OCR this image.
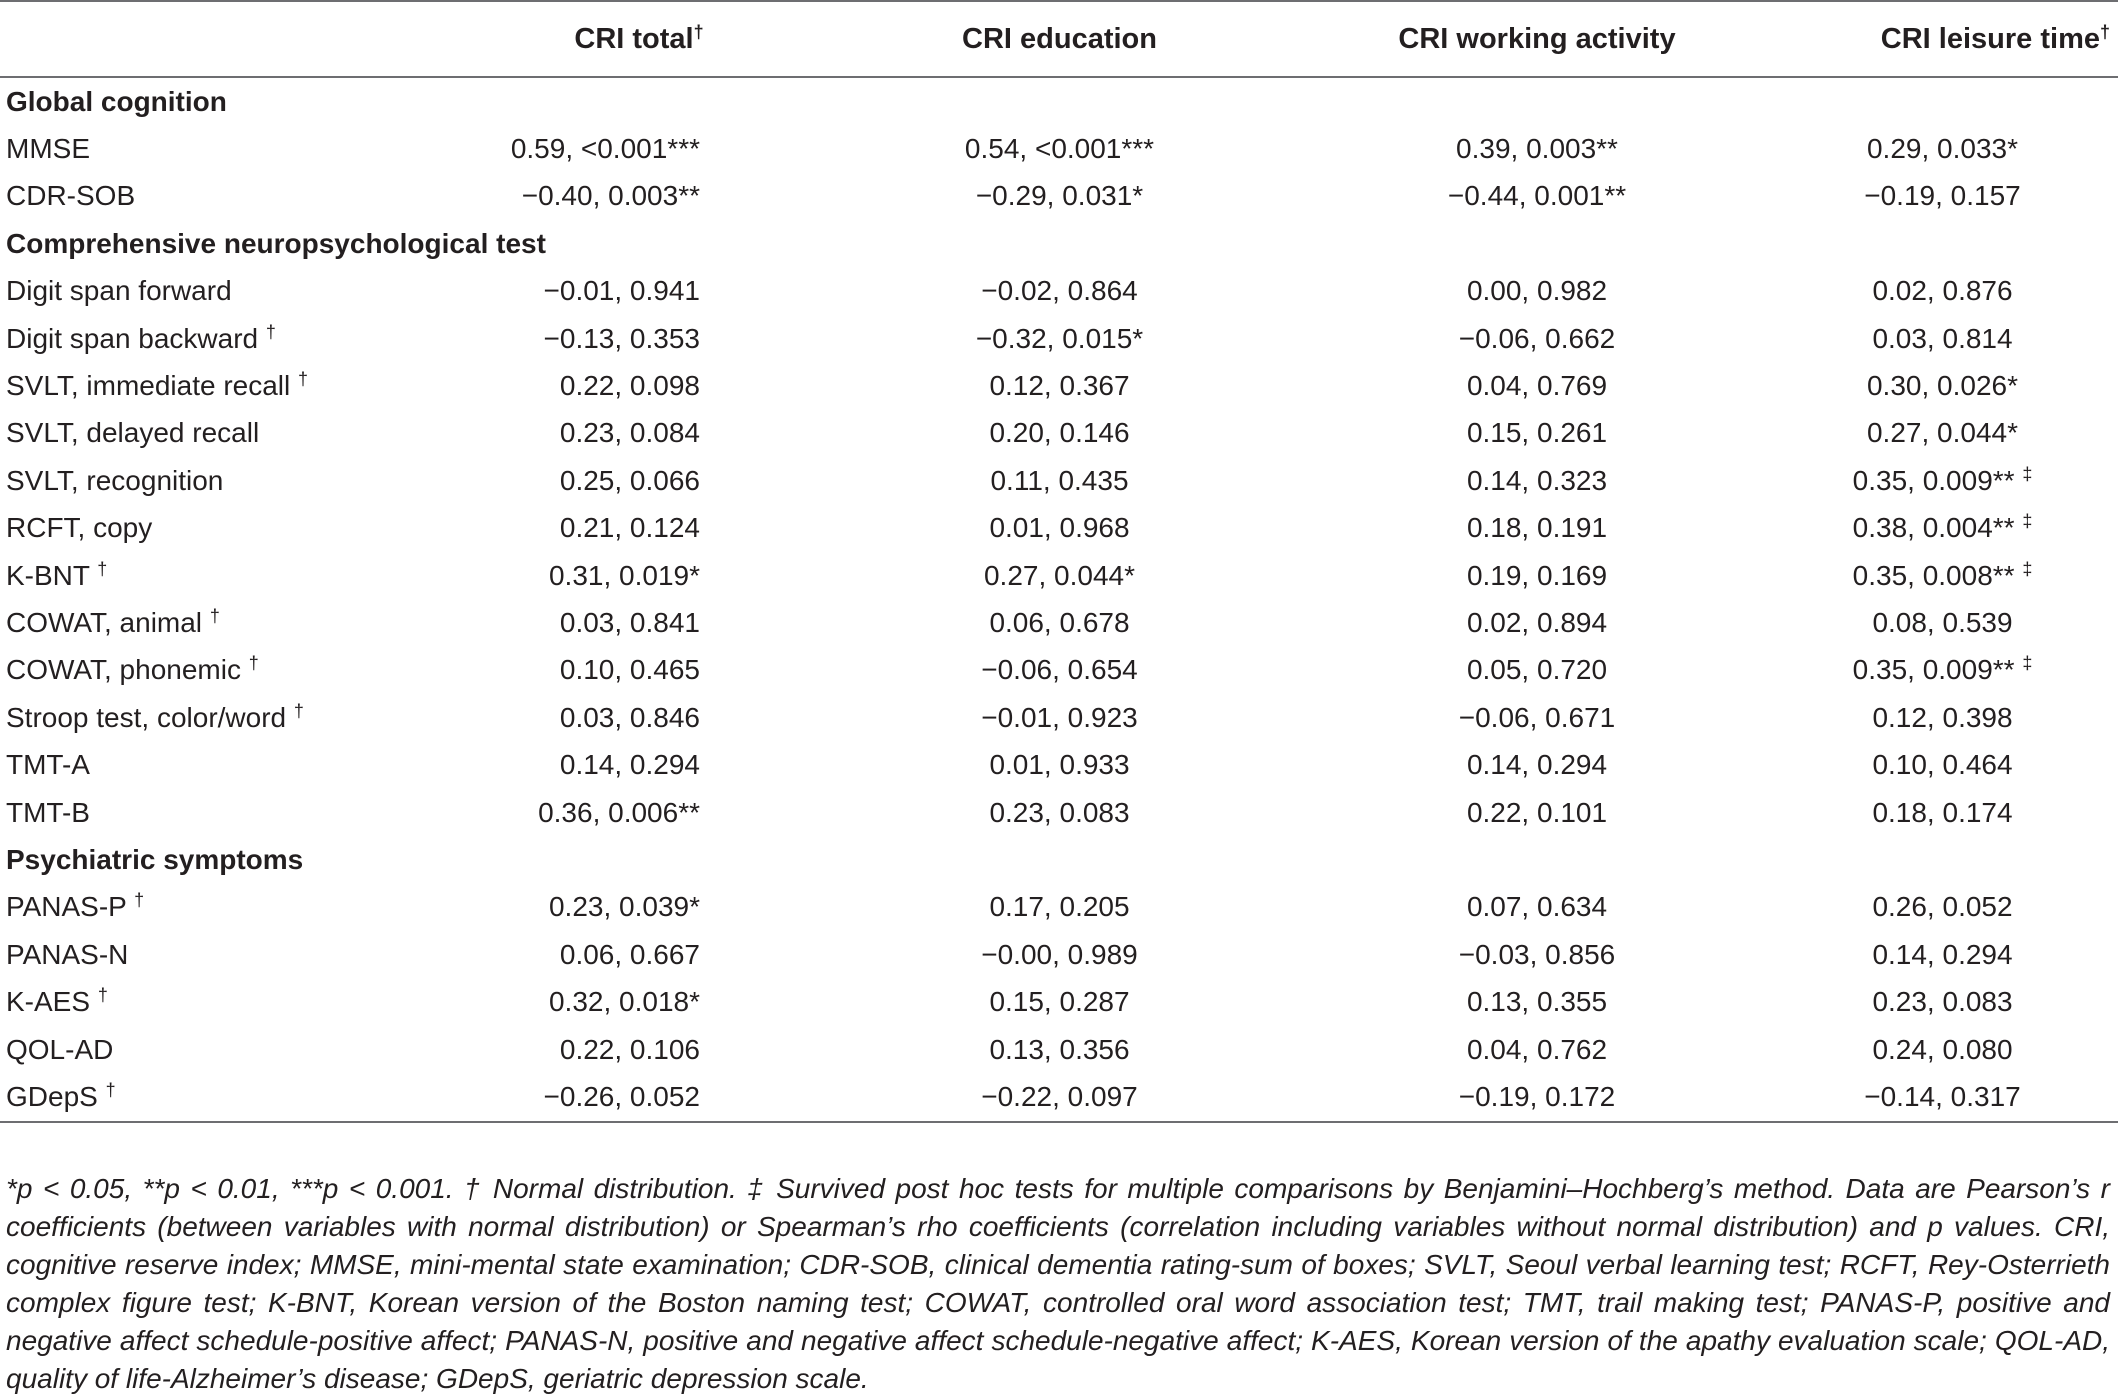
	CRI total†	CRI education	CRI working activity	CRI leisure time†
Global cognition				
MMSE	0.59, <0.001***	0.54, <0.001***	0.39, 0.003**	0.29, 0.033*
CDR-SOB	−0.40, 0.003**	−0.29, 0.031*	−0.44, 0.001**	−0.19, 0.157
Comprehensive neuropsychological test				
Digit span forward	−0.01, 0.941	−0.02, 0.864	0.00, 0.982	0.02, 0.876
Digit span backward †	−0.13, 0.353	−0.32, 0.015*	−0.06, 0.662	0.03, 0.814
SVLT, immediate recall †	0.22, 0.098	0.12, 0.367	0.04, 0.769	0.30, 0.026*
SVLT, delayed recall	0.23, 0.084	0.20, 0.146	0.15, 0.261	0.27, 0.044*
SVLT, recognition	0.25, 0.066	0.11, 0.435	0.14, 0.323	0.35, 0.009** ‡
RCFT, copy	0.21, 0.124	0.01, 0.968	0.18, 0.191	0.38, 0.004** ‡
K-BNT †	0.31, 0.019*	0.27, 0.044*	0.19, 0.169	0.35, 0.008** ‡
COWAT, animal †	0.03, 0.841	0.06, 0.678	0.02, 0.894	0.08, 0.539
COWAT, phonemic †	0.10, 0.465	−0.06, 0.654	0.05, 0.720	0.35, 0.009** ‡
Stroop test, color/word †	0.03, 0.846	−0.01, 0.923	−0.06, 0.671	0.12, 0.398
TMT-A	0.14, 0.294	0.01, 0.933	0.14, 0.294	0.10, 0.464
TMT-B	0.36, 0.006**	0.23, 0.083	0.22, 0.101	0.18, 0.174
Psychiatric symptoms				
PANAS-P †	0.23, 0.039*	0.17, 0.205	0.07, 0.634	0.26, 0.052
PANAS-N	0.06, 0.667	−0.00, 0.989	−0.03, 0.856	0.14, 0.294
K-AES †	0.32, 0.018*	0.15, 0.287	0.13, 0.355	0.23, 0.083
QOL-AD	0.22, 0.106	0.13, 0.356	0.04, 0.762	0.24, 0.080
GDepS †	−0.26, 0.052	−0.22, 0.097	−0.19, 0.172	−0.14, 0.317

*p < 0.05, **p < 0.01, ***p < 0.001. † Normal distribution. ‡ Survived post hoc tests for multiple comparisons by Benjamini–Hochberg’s method. Data are Pearson’s r coefficients (between variables with normal distribution) or Spearman’s rho coefficients (correlation including variables without normal distribution) and p values. CRI, cognitive reserve index; MMSE, mini-mental state examination; CDR-SOB, clinical dementia rating-sum of boxes; SVLT, Seoul verbal learning test; RCFT, Rey-Osterrieth complex figure test; K-BNT, Korean version of the Boston naming test; COWAT, controlled oral word association test; TMT, trail making test; PANAS-P, positive and negative affect schedule-positive affect; PANAS-N, positive and negative affect schedule-negative affect; K-AES, Korean version of the apathy evaluation scale; QOL-AD, quality of life-Alzheimer’s disease; GDepS, geriatric depression scale.
